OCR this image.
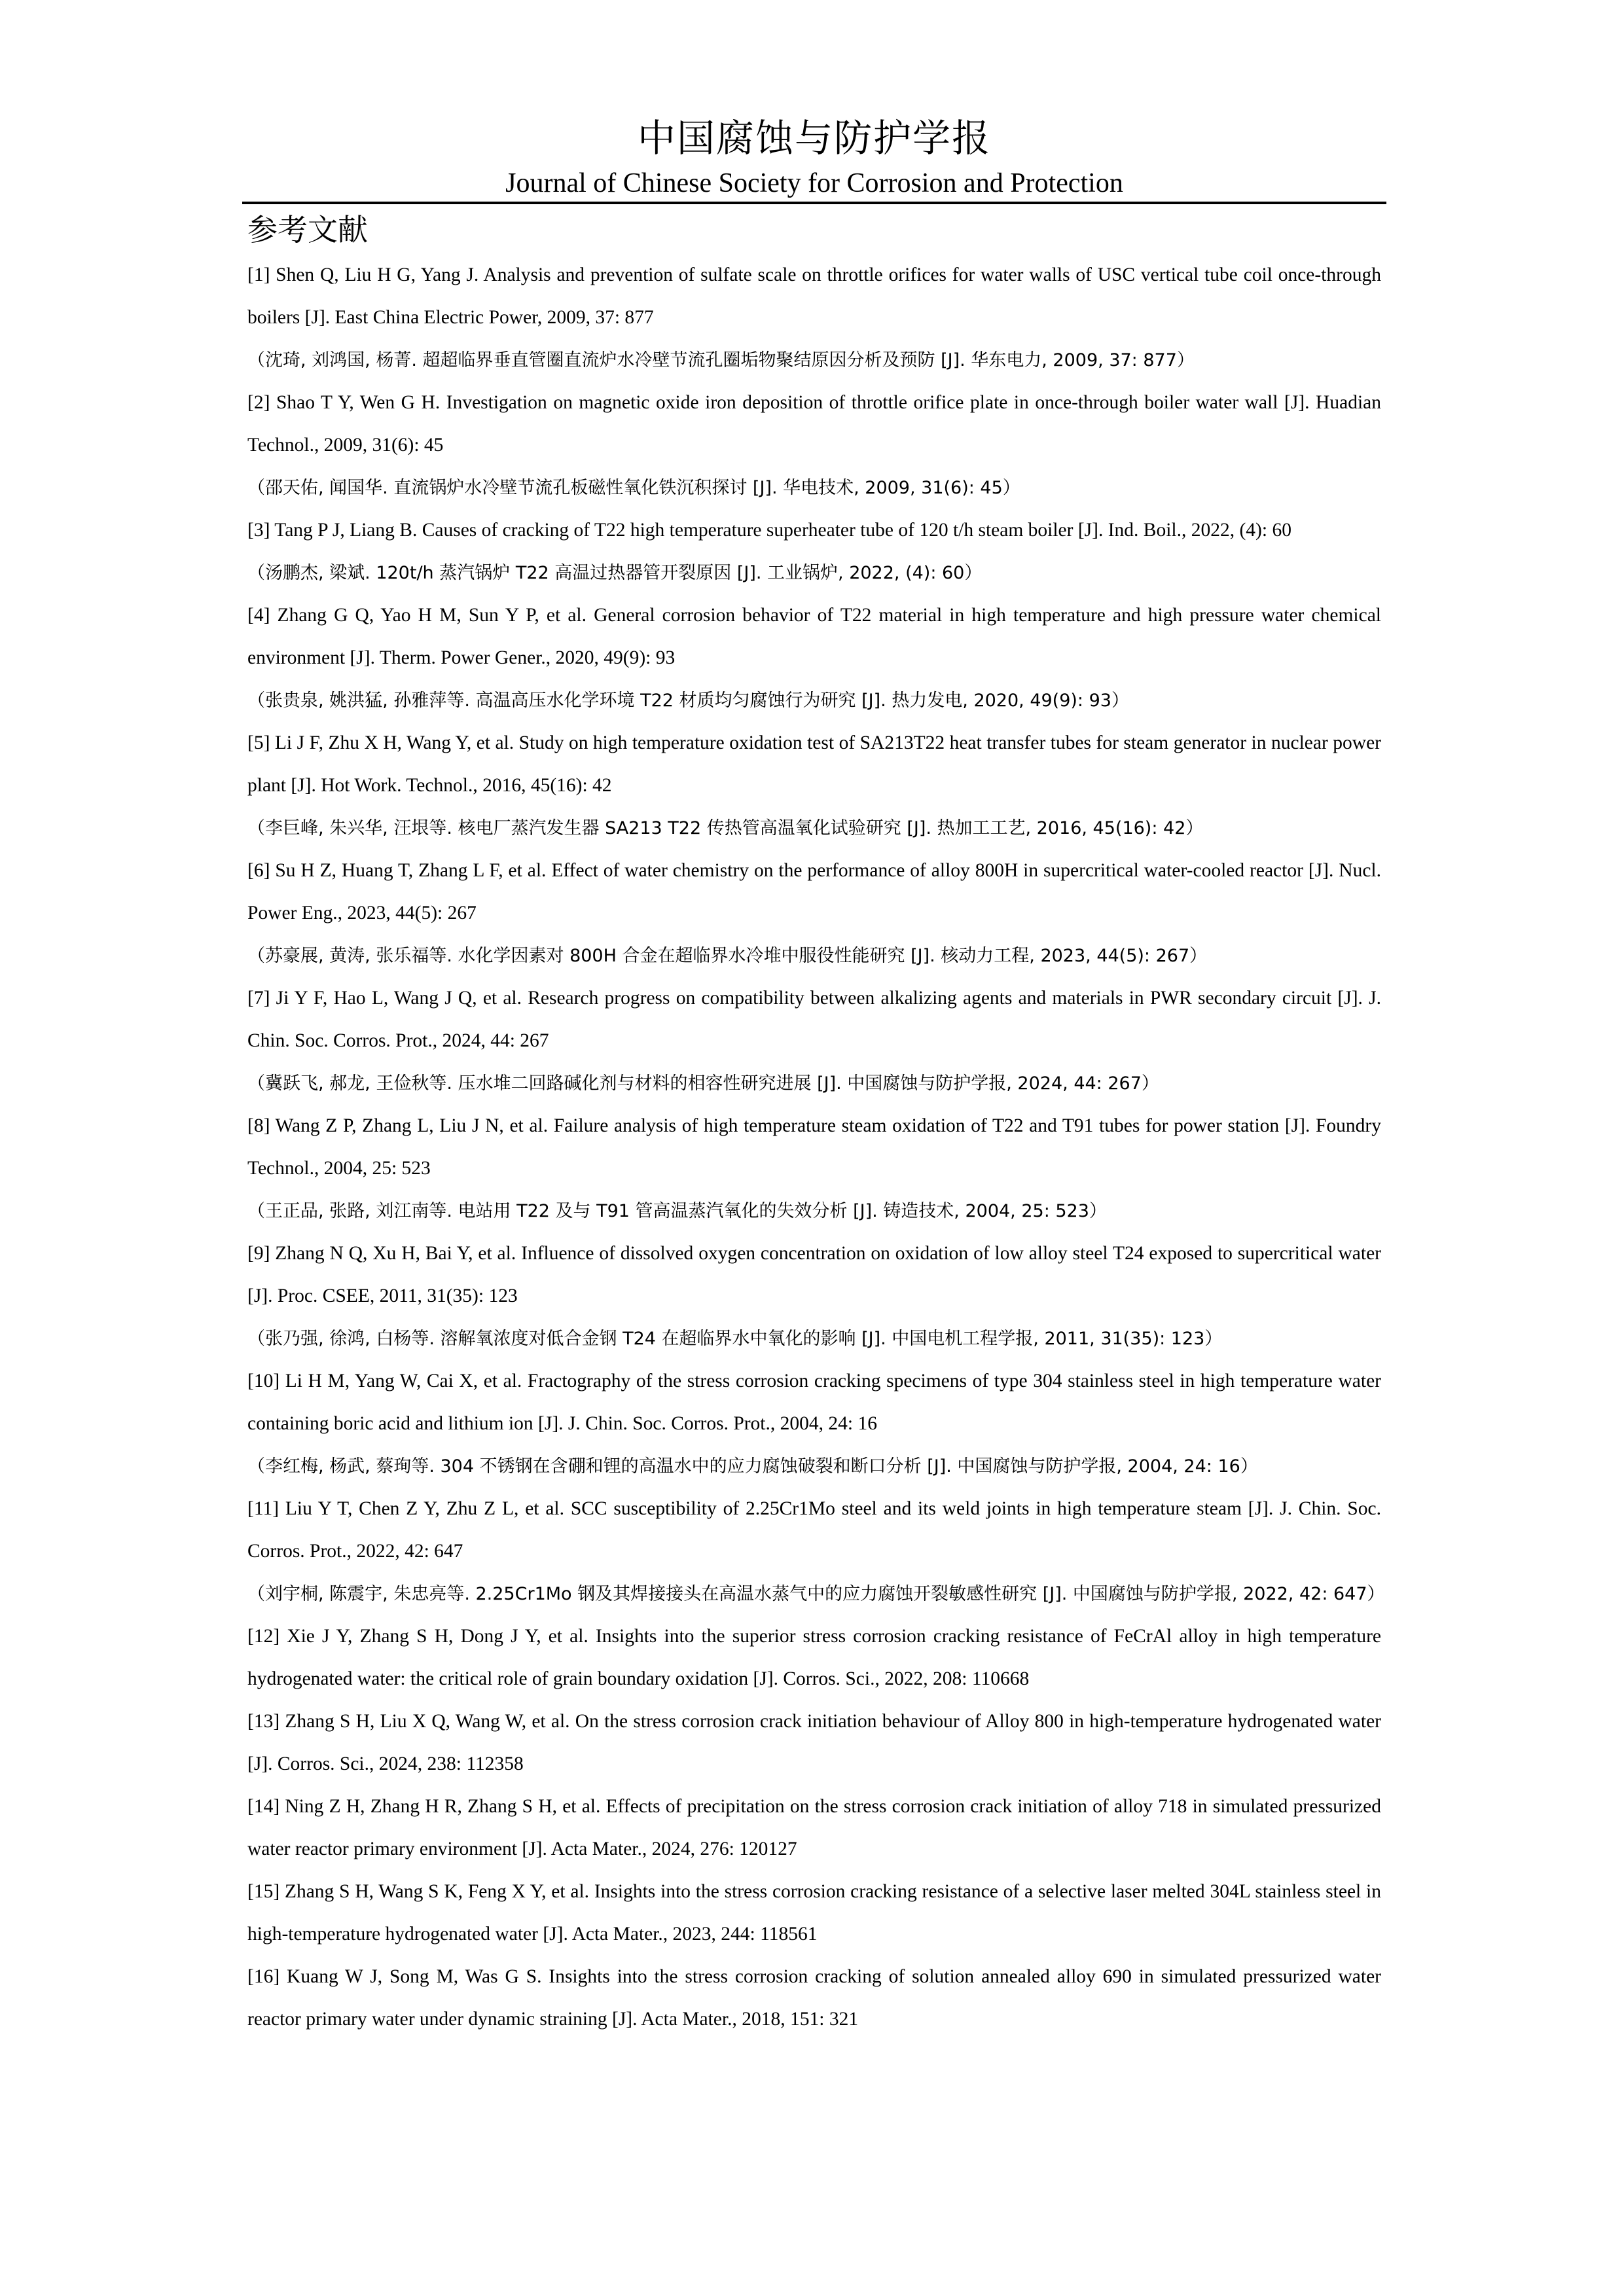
中国腐蚀与防护学报
Journal of Chinese Society for Corrosion and Protection
参考文献
[1] Shen Q, Liu H G, Yang J. Analysis and prevention of sulfate scale on throttle orifices for water walls of USC vertical tube coil once-through boilers [J]. East China Electric Power, 2009, 37: 877
（沈琦, 刘鸿国, 杨菁. 超超临界垂直管圈直流炉水冷壁节流孔圈垢物聚结原因分析及预防 [J]. 华东电力, 2009, 37: 877）
[2] Shao T Y, Wen G H. Investigation on magnetic oxide iron deposition of throttle orifice plate in once-through boiler water wall [J]. Huadian Technol., 2009, 31(6): 45
（邵天佑, 闻国华. 直流锅炉水冷壁节流孔板磁性氧化铁沉积探讨 [J]. 华电技术, 2009, 31(6): 45）
[3] Tang P J, Liang B. Causes of cracking of T22 high temperature superheater tube of 120 t/h steam boiler [J]. Ind. Boil., 2022, (4): 60
（汤鹏杰, 梁斌. 120t/h 蒸汽锅炉 T22 高温过热器管开裂原因 [J]. 工业锅炉, 2022, (4): 60）
[4] Zhang G Q, Yao H M, Sun Y P, et al. General corrosion behavior of T22 material in high temperature and high pressure water chemical environment [J]. Therm. Power Gener., 2020, 49(9): 93
（张贵泉, 姚洪猛, 孙雅萍等. 高温高压水化学环境 T22 材质均匀腐蚀行为研究 [J]. 热力发电, 2020, 49(9): 93）
[5] Li J F, Zhu X H, Wang Y, et al. Study on high temperature oxidation test of SA213T22 heat transfer tubes for steam generator in nuclear power plant [J]. Hot Work. Technol., 2016, 45(16): 42
（李巨峰, 朱兴华, 汪垠等. 核电厂蒸汽发生器 SA213 T22 传热管高温氧化试验研究 [J]. 热加工工艺, 2016, 45(16): 42）
[6] Su H Z, Huang T, Zhang L F, et al. Effect of water chemistry on the performance of alloy 800H in supercritical water-cooled reactor [J]. Nucl. Power Eng., 2023, 44(5): 267
（苏豪展, 黄涛, 张乐福等. 水化学因素对 800H 合金在超临界水冷堆中服役性能研究 [J]. 核动力工程, 2023, 44(5): 267）
[7] Ji Y F, Hao L, Wang J Q, et al. Research progress on compatibility between alkalizing agents and materials in PWR secondary circuit [J]. J. Chin. Soc. Corros. Prot., 2024, 44: 267
（冀跃飞, 郝龙, 王俭秋等. 压水堆二回路碱化剂与材料的相容性研究进展 [J]. 中国腐蚀与防护学报, 2024, 44: 267）
[8] Wang Z P, Zhang L, Liu J N, et al. Failure analysis of high temperature steam oxidation of T22 and T91 tubes for power station [J]. Foundry Technol., 2004, 25: 523
（王正品, 张路, 刘江南等. 电站用 T22 及与 T91 管高温蒸汽氧化的失效分析 [J]. 铸造技术, 2004, 25: 523）
[9] Zhang N Q, Xu H, Bai Y, et al. Influence of dissolved oxygen concentration on oxidation of low alloy steel T24 exposed to supercritical water [J]. Proc. CSEE, 2011, 31(35): 123
（张乃强, 徐鸿, 白杨等. 溶解氧浓度对低合金钢 T24 在超临界水中氧化的影响 [J]. 中国电机工程学报, 2011, 31(35): 123）
[10] Li H M, Yang W, Cai X, et al. Fractography of the stress corrosion cracking specimens of type 304 stainless steel in high temperature water containing boric acid and lithium ion [J]. J. Chin. Soc. Corros. Prot., 2004, 24: 16
（李红梅, 杨武, 蔡珣等. 304 不锈钢在含硼和锂的高温水中的应力腐蚀破裂和断口分析 [J]. 中国腐蚀与防护学报, 2004, 24: 16）
[11] Liu Y T, Chen Z Y, Zhu Z L, et al. SCC susceptibility of 2.25Cr1Mo steel and its weld joints in high temperature steam [J]. J. Chin. Soc. Corros. Prot., 2022, 42: 647
（刘宇桐, 陈震宇, 朱忠亮等. 2.25Cr1Mo 钢及其焊接接头在高温水蒸气中的应力腐蚀开裂敏感性研究 [J]. 中国腐蚀与防护学报, 2022, 42: 647）
[12] Xie J Y, Zhang S H, Dong J Y, et al. Insights into the superior stress corrosion cracking resistance of FeCrAl alloy in high temperature hydrogenated water: the critical role of grain boundary oxidation [J]. Corros. Sci., 2022, 208: 110668
[13] Zhang S H, Liu X Q, Wang W, et al. On the stress corrosion crack initiation behaviour of Alloy 800 in high-temperature hydrogenated water [J]. Corros. Sci., 2024, 238: 112358
[14] Ning Z H, Zhang H R, Zhang S H, et al. Effects of precipitation on the stress corrosion crack initiation of alloy 718 in simulated pressurized water reactor primary environment [J]. Acta Mater., 2024, 276: 120127
[15] Zhang S H, Wang S K, Feng X Y, et al. Insights into the stress corrosion cracking resistance of a selective laser melted 304L stainless steel in high-temperature hydrogenated water [J]. Acta Mater., 2023, 244: 118561
[16] Kuang W J, Song M, Was G S. Insights into the stress corrosion cracking of solution annealed alloy 690 in simulated pressurized water reactor primary water under dynamic straining [J]. Acta Mater., 2018, 151: 321
